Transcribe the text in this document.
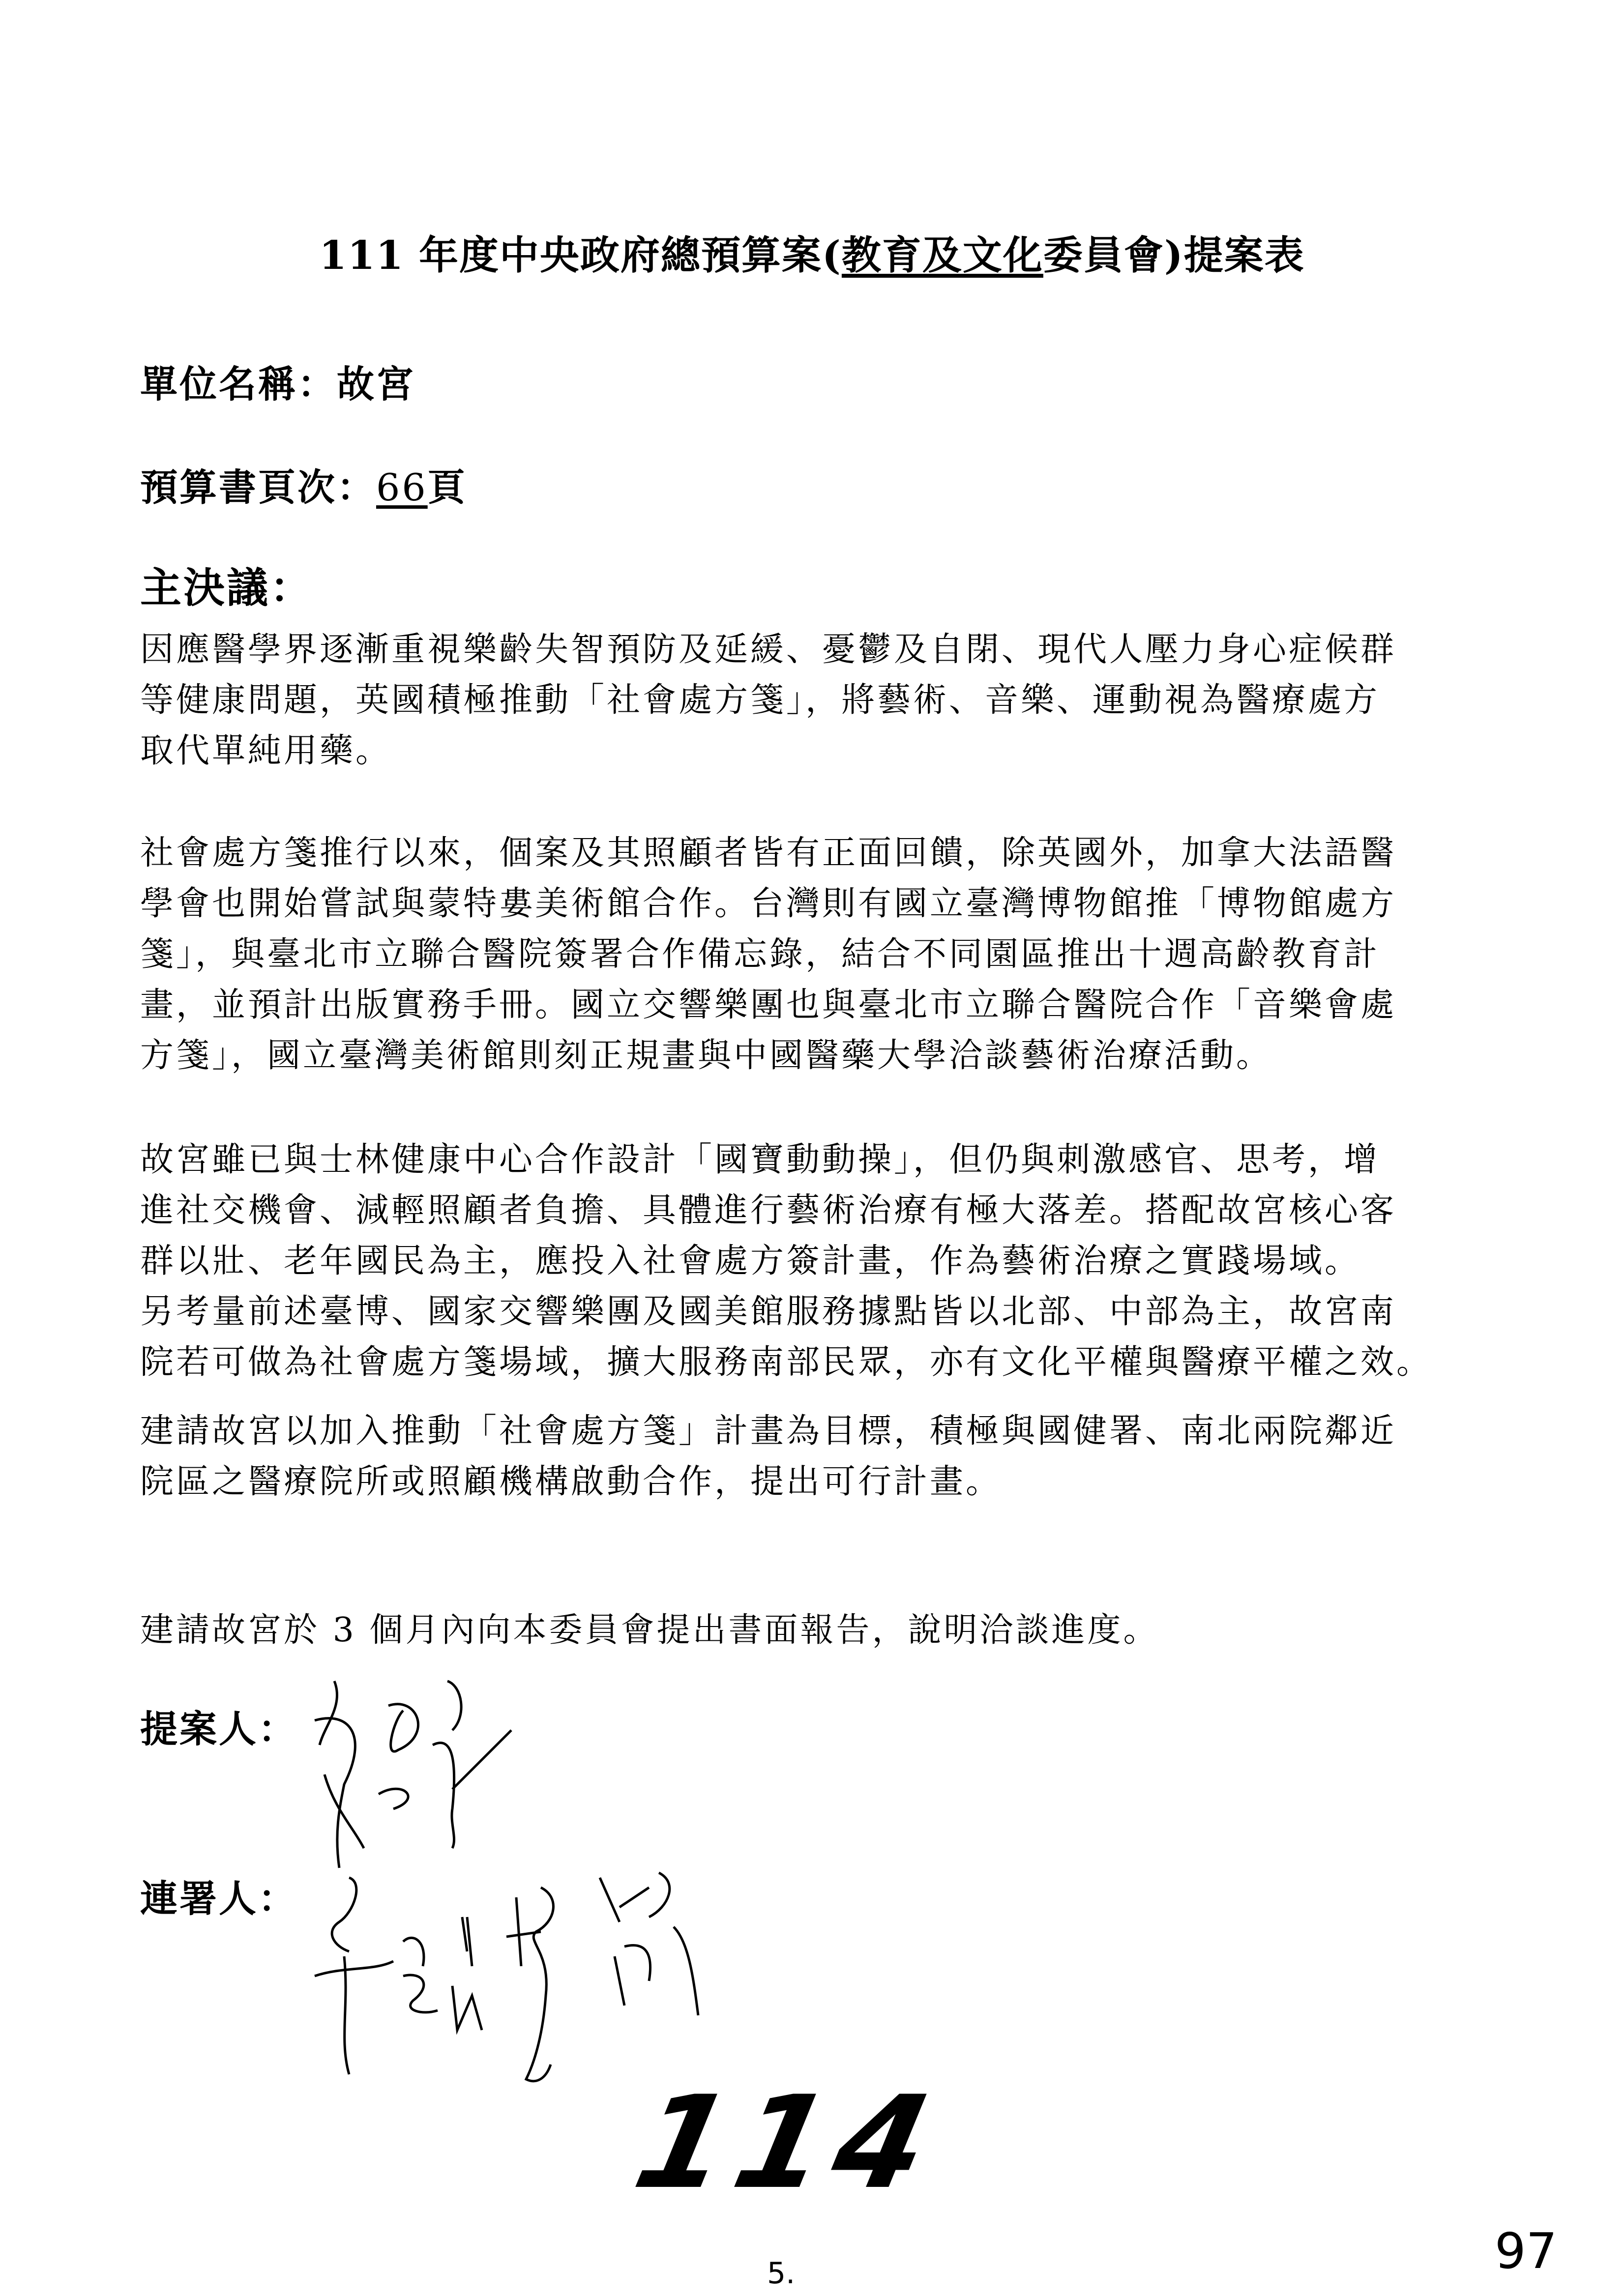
111 年度中央政府總預算案(教育及文化委員會)提案表
單位名稱：故宮
預算書頁次：66頁
主決議：
因應醫學界逐漸重視樂齡失智預防及延緩、憂鬱及自閉、現代人壓力身心症候群
等健康問題，英國積極推動「社會處方箋」，將藝術、音樂、運動視為醫療處方
取代單純用藥。
社會處方箋推行以來，個案及其照顧者皆有正面回饋，除英國外，加拿大法語醫
學會也開始嘗試與蒙特婁美術館合作。台灣則有國立臺灣博物館推「博物館處方
箋」，與臺北市立聯合醫院簽署合作備忘錄，結合不同園區推出十週高齡教育計
畫，並預計出版實務手冊。國立交響樂團也與臺北市立聯合醫院合作「音樂會處
方箋」，國立臺灣美術館則刻正規畫與中國醫藥大學洽談藝術治療活動。
故宮雖已與士林健康中心合作設計「國寶動動操」，但仍與刺激感官、思考，增
進社交機會、減輕照顧者負擔、具體進行藝術治療有極大落差。搭配故宮核心客
群以壯、老年國民為主，應投入社會處方簽計畫，作為藝術治療之實踐場域。
另考量前述臺博、國家交響樂團及國美館服務據點皆以北部、中部為主，故宮南
院若可做為社會處方箋場域，擴大服務南部民眾，亦有文化平權與醫療平權之效。
建請故宮以加入推動「社會處方箋」計畫為目標，積極與國健署、南北兩院鄰近
院區之醫療院所或照顧機構啟動合作，提出可行計畫。
建請故宮於 3 個月內向本委員會提出書面報告，說明洽談進度。
提案人：
連署人：
114
97
5.
